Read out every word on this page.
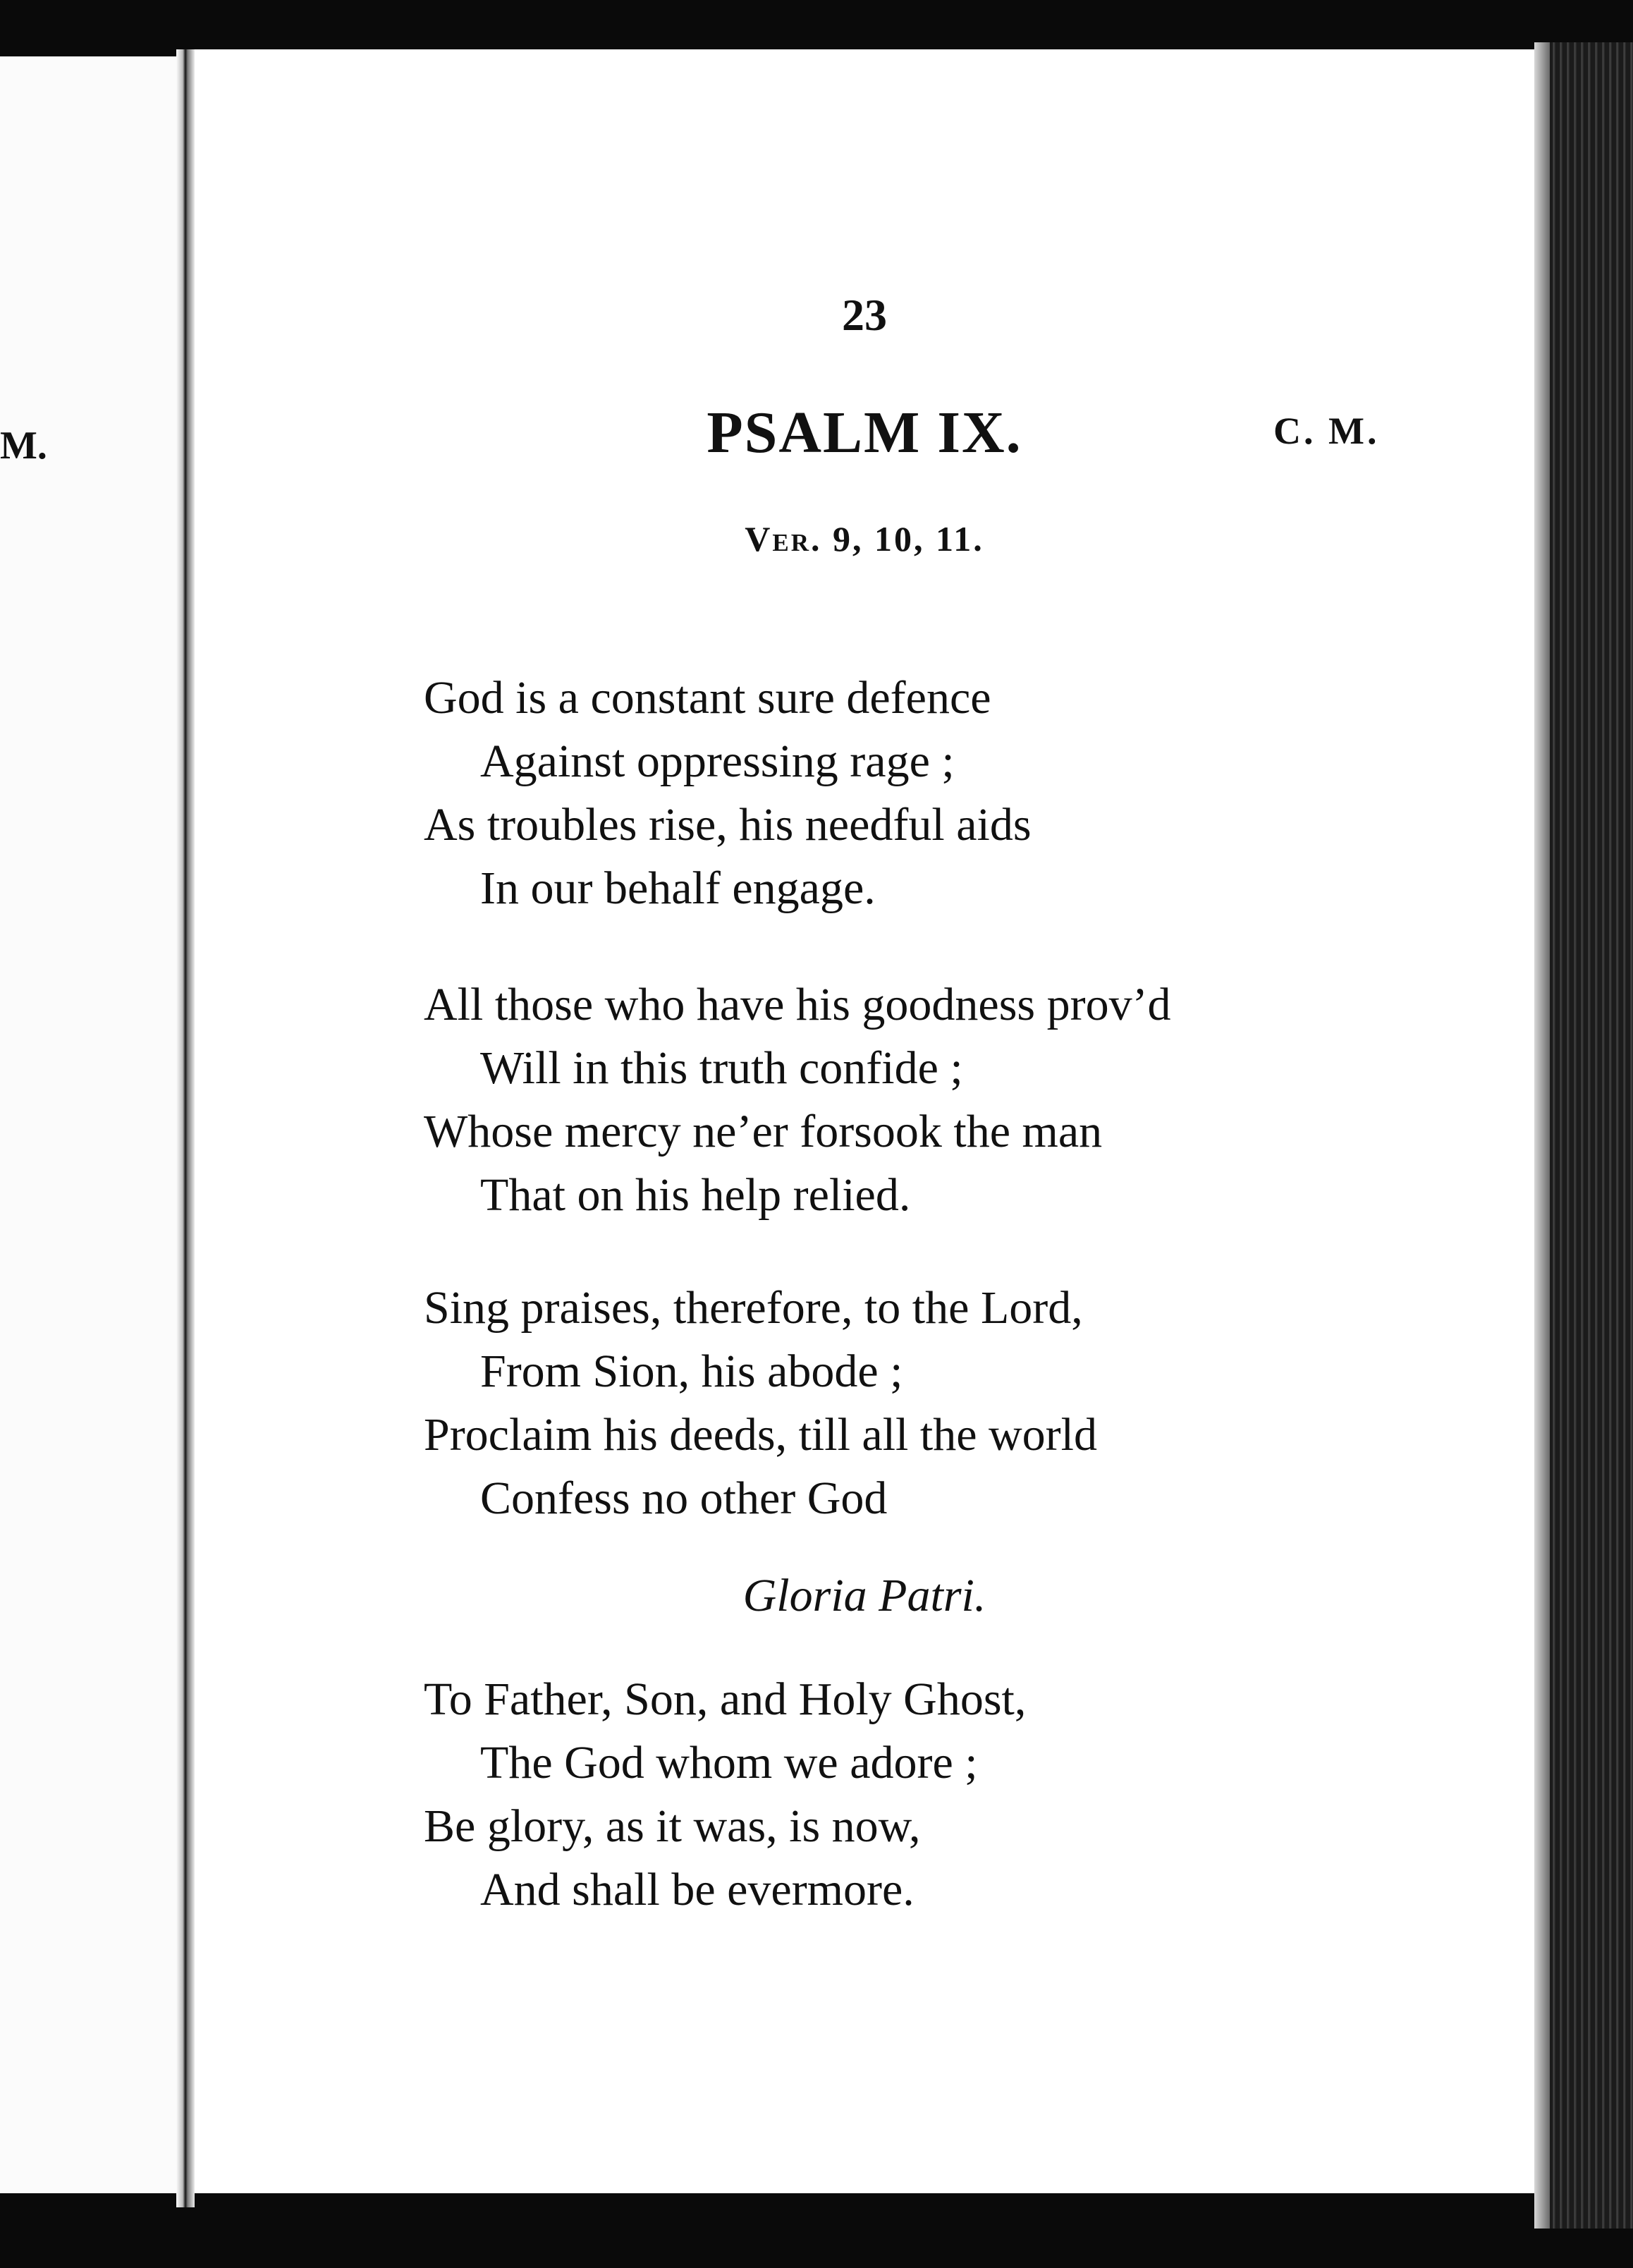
M.

23
PSALM IX.	C. M.
Ver. 9, 10, 11.
God is a constant sure defence
Against oppressing rage ;
As troubles rise, his needful aids
In our behalf engage.
All those who have his goodness prov’d
Will in this truth confide ;
Whose mercy ne’er forsook the man
That on his help relied.
Sing praises, therefore, to the Lord,
From Sion, his abode ;
Proclaim his deeds, till all the world
Confess no other God
Gloria Patri.
To Father, Son, and Holy Ghost,
The God whom we adore ;
Be glory, as it was, is now,
And shall be evermore.
